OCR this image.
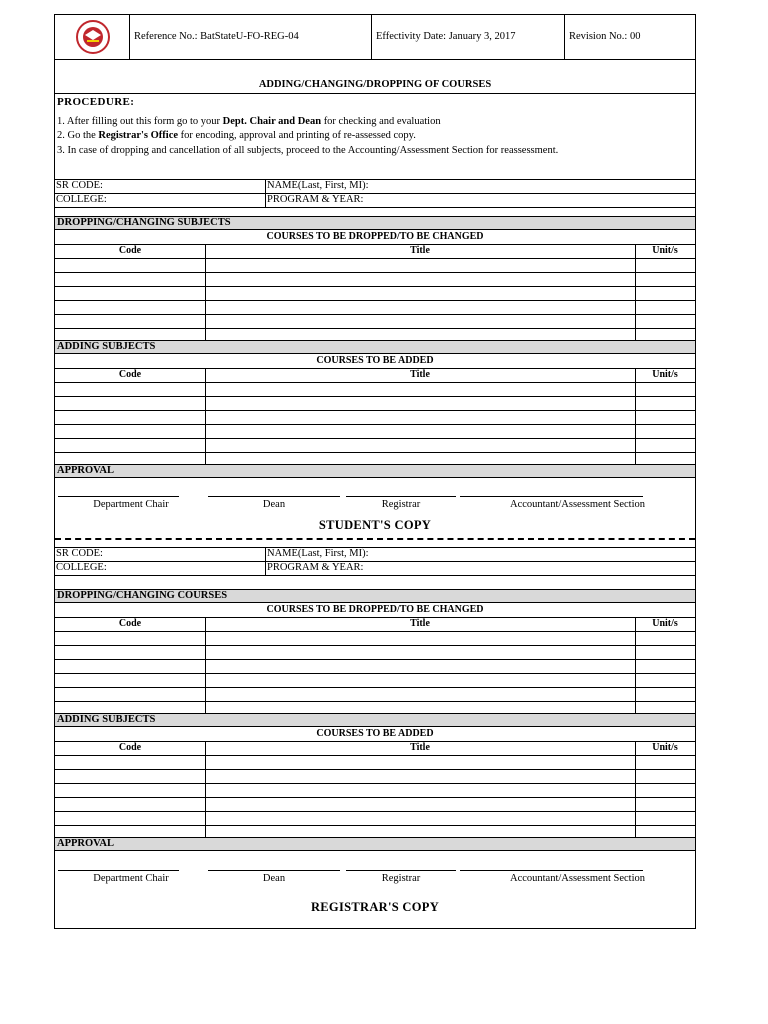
Reference No.: BatStateU-FO-REG-04	Effectivity Date: January 3, 2017	Revision No.: 00
ADDING/CHANGING/DROPPING OF COURSES
PROCEDURE:
1. After filling out this form go to your Dept. Chair and Dean for checking and evaluation
2. Go the Registrar's Office for encoding, approval and printing of re-assessed copy.
3. In case of dropping and cancellation of all subjects, proceed to the Accounting/Assessment Section for reassessment.
SR CODE:	NAME(Last, First, MI):
COLLEGE:	PROGRAM & YEAR:
DROPPING/CHANGING SUBJECTS
COURSES TO BE DROPPED/TO BE CHANGED
Code	Title	Unit/s
ADDING SUBJECTS
COURSES TO BE ADDED
Code	Title	Unit/s
APPROVAL
Department Chair	Dean	Registrar	Accountant/Assessment Section
STUDENT'S COPY
SR CODE:	NAME(Last, First, MI):
COLLEGE:	PROGRAM & YEAR:
DROPPING/CHANGING COURSES
COURSES TO BE DROPPED/TO BE CHANGED
Code	Title	Unit/s
ADDING SUBJECTS
COURSES TO BE ADDED
Code	Title	Unit/s
APPROVAL
Department Chair	Dean	Registrar	Accountant/Assessment Section
REGISTRAR'S COPY
